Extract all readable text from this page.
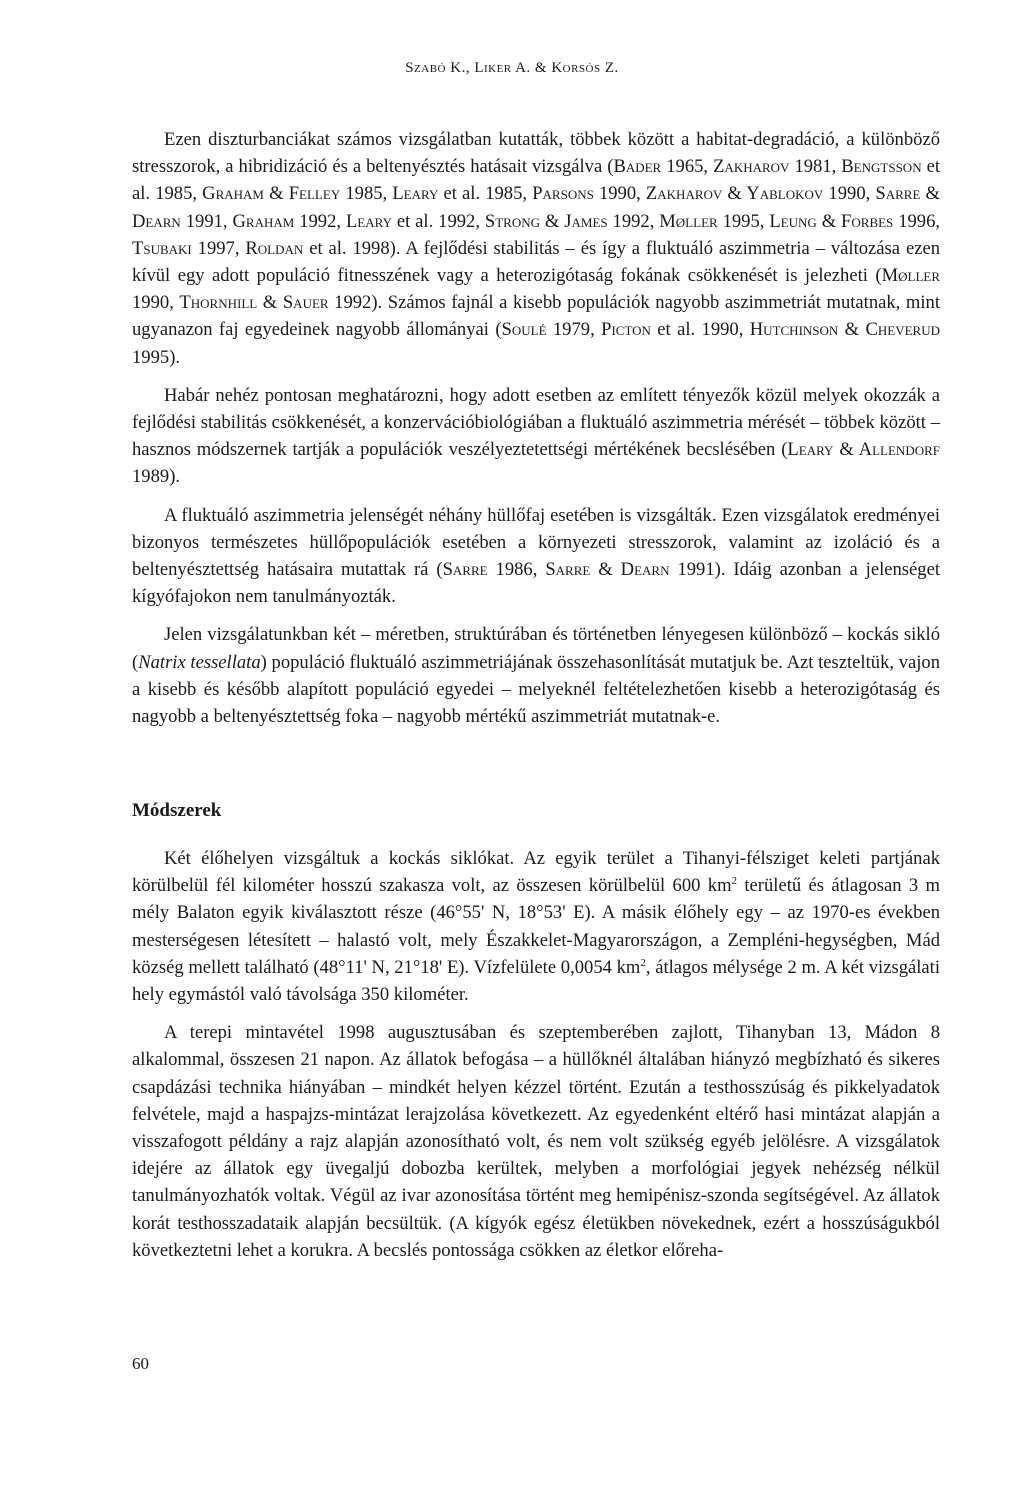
Szabó K., Liker A. & Korsós Z.

Ezen diszturbanciákat számos vizsgálatban kutatták, többek között a habitat-degradáció, a különböző stresszorok, a hibridizáció és a beltenyésztés hatásait vizsgálva (Bader 1965, Zakharov 1981, Bengtsson et al. 1985, Graham & Felley 1985, Leary et al. 1985, Parsons 1990, Zakharov & Yablokov 1990, Sarre & Dearn 1991, Graham 1992, Leary et al. 1992, Strong & James 1992, Møller 1995, Leung & Forbes 1996, Tsubaki 1997, Roldan et al. 1998). A fejlődési stabilitás – és így a fluktuáló aszimmetria – változása ezen kívül egy adott populáció fitnesszének vagy a heterozigótaság fokának csökkenését is jelezheti (Møller 1990, Thornhill & Sauer 1992). Számos fajnál a kisebb populációk nagyobb aszimmetriát mutatnak, mint ugyanazon faj egyedeinek nagyobb állományai (Soulé 1979, Picton et al. 1990, Hutchinson & Cheverud 1995).

Habár nehéz pontosan meghatározni, hogy adott esetben az említett tényezők közül melyek okozzák a fejlődési stabilitás csökkenését, a konzervációbiológiában a fluktuáló aszimmetria mérését – többek között – hasznos módszernek tartják a populációk veszélyeztetettségi mértékének becslésében (Leary & Allendorf 1989).

A fluktuáló aszimmetria jelenségét néhány hüllőfaj esetében is vizsgálták. Ezen vizsgálatok eredményei bizonyos természetes hüllőpopulációk esetében a környezeti stresszorok, valamint az izoláció és a beltenyésztettség hatásaira mutattak rá (Sarre 1986, Sarre & Dearn 1991). Idáig azonban a jelenséget kígyófajokon nem tanulmányozták.

Jelen vizsgálatunkban két – méretben, struktúrában és történetben lényegesen különböző – kockás sikló (Natrix tessellata) populáció fluktuáló aszimmetriájának összehasonlítását mutatjuk be. Azt teszteltük, vajon a kisebb és később alapított populáció egyedei – melyeknél feltételezhetően kisebb a heterozigótaság és nagyobb a beltenyésztettség foka – nagyobb mértékű aszimmetriát mutatnak-e.

Módszerek

Két élőhelyen vizsgáltuk a kockás siklókat. Az egyik terület a Tihanyi-félsziget keleti partjának körülbelül fél kilométer hosszú szakasza volt, az összesen körülbelül 600 $km^2$ területű és átlagosan 3 m mély Balaton egyik kiválasztott része (46°55' N, 18°53' E). A másik élőhely egy – az 1970-es években mesterségesen létesített – halastó volt, mely Északkelet-Magyarországon, a Zempléni-hegységben, Mád község mellett található (48°11' N, 21°18' E). Vízfelülete 0,0054 $km^2$, átlagos mélysége 2 m. A két vizsgálati hely egymástól való távolsága 350 kilométer.

A terepi mintavétel 1998 augusztusában és szeptemberében zajlott, Tihanyban 13, Mádon 8 alkalommal, összesen 21 napon. Az állatok befogása – a hüllőknél általában hiányzó megbízható és sikeres csapdázási technika hiányában – mindkét helyen kézzel történt. Ezután a testhosszúság és pikkelyadatok felvétele, majd a haspajzs-mintázat lerajzolása következett. Az egyedenként eltérő hasi mintázat alapján a visszafogott példány a rajz alapján azonosítható volt, és nem volt szükség egyéb jelölésre. A vizsgálatok idejére az állatok egy üvegaljú dobozba kerültek, melyben a morfológiai jegyek nehézség nélkül tanulmányozhatók voltak. Végül az ivar azonosítása történt meg hemipénisz-szonda segítségével. Az állatok korát testhosszadataik alapján becsültük. (A kígyók egész életükben növekednek, ezért a hosszúságukból következtetni lehet a korukra. A becslés pontossága csökken az életkor előreha-

60
